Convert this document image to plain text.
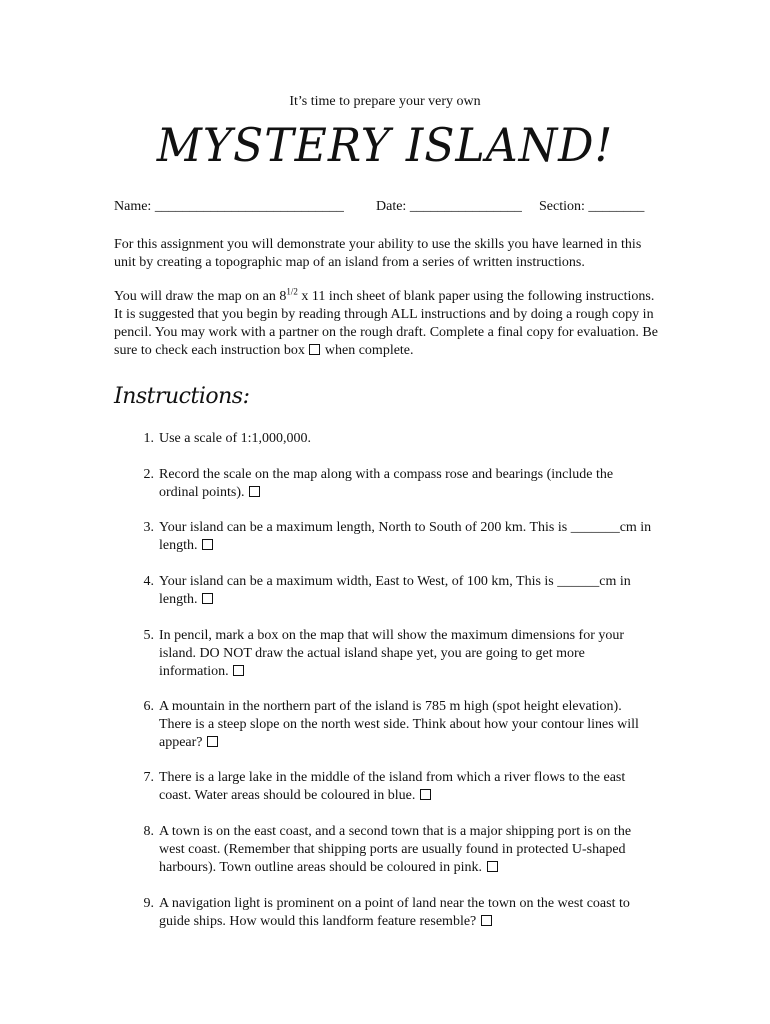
It’s time to prepare your very own
MYSTERY ISLAND!
Name: ___________________________ Date: ________________ Section: ________

For this assignment you will demonstrate your ability to use the skills you have learned in this unit by creating a topographic map of an island from a series of written instructions.

You will draw the map on an $8^{1/2}$ x 11 inch sheet of blank paper using the following instructions. It is suggested that you begin by reading through ALL instructions and by doing a rough copy in pencil. You may work with a partner on the rough draft. Complete a final copy for evaluation. Be sure to check each instruction box  when complete.

Instructions:
1. Use a scale of 1:1,000,000.
2. Record the scale on the map along with a compass rose and bearings (include the ordinal points).
3. Your island can be a maximum length, North to South of 200 km. This is _______cm in length.
4. Your island can be a maximum width, East to West, of 100 km, This is ______cm in length.
5. In pencil, mark a box on the map that will show the maximum dimensions for your island. DO NOT draw the actual island shape yet, you are going to get more information.
6. A mountain in the northern part of the island is 785 m high (spot height elevation). There is a steep slope on the north west side. Think about how your contour lines will appear?
7. There is a large lake in the middle of the island from which a river flows to the east coast. Water areas should be coloured in blue.
8. A town is on the east coast, and a second town that is a major shipping port is on the west coast. (Remember that shipping ports are usually found in protected U-shaped harbours). Town outline areas should be coloured in pink.
9. A navigation light is prominent on a point of land near the town on the west coast to guide ships. How would this landform feature resemble?
